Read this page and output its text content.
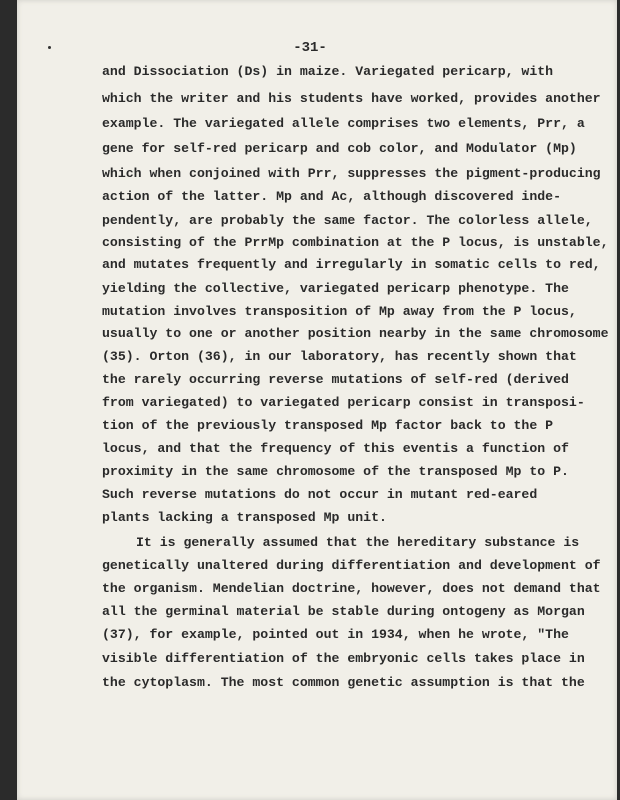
-31-
and Dissociation (Ds) in maize. Variegated pericarp, with
which the writer and his students have worked, provides another
example. The variegated allele comprises two elements, Prr, a
gene for self-red pericarp and cob color, and Modulator (Mp)
which when conjoined with Prr, suppresses the pigment-producing
action of the latter. Mp and Ac, although discovered inde-
pendently, are probably the same factor. The colorless allele,
consisting of the PrrMp combination at the P locus, is unstable,
and mutates frequently and irregularly in somatic cells to red,
yielding the collective, variegated pericarp phenotype. The
mutation involves transposition of Mp away from the P locus,
usually to one or another position nearby in the same chromosome
(35). Orton (36), in our laboratory, has recently shown that
the rarely occurring reverse mutations of self-red (derived
from variegated) to variegated pericarp consist in transposi-
tion of the previously transposed Mp factor back to the P
locus, and that the frequency of this eventis a function of
proximity in the same chromosome of the transposed Mp to P.
Such reverse mutations do not occur in mutant red-eared
plants lacking a transposed Mp unit.
It is generally assumed that the hereditary substance is
genetically unaltered during differentiation and development of
the organism. Mendelian doctrine, however, does not demand that
all the germinal material be stable during ontogeny as Morgan
(37), for example, pointed out in 1934, when he wrote, "The
visible differentiation of the embryonic cells takes place in
the cytoplasm. The most common genetic assumption is that the
